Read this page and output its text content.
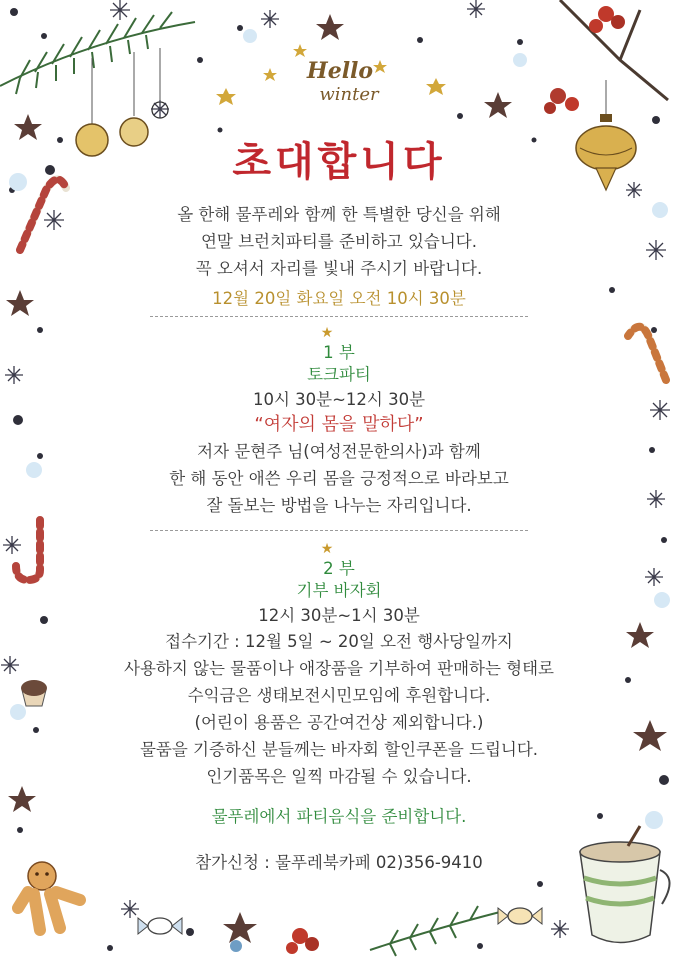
Hello
winter
초대합니다
올 한해 물푸레와 함께 한 특별한 당신을 위해
연말 브런치파티를 준비하고 있습니다.
꼭 오셔서 자리를 빛내 주시기 바랍니다.
12월 20일 화요일 오전 10시 30분
★
1 부
토크파티
10시 30분~12시 30분
“여자의 몸을 말하다”
저자 문현주 님(여성전문한의사)과 함께
한 해 동안 애쓴 우리 몸을 긍정적으로 바라보고
잘 돌보는 방법을 나누는 자리입니다.
★
2 부
기부 바자회
12시 30분~1시 30분
접수기간 : 12월 5일 ~ 20일 오전 행사당일까지
사용하지 않는 물품이나 애장품을 기부하여 판매하는 형태로
수익금은 생태보전시민모임에 후원합니다.
(어린이 용품은 공간여건상 제외합니다.)
물품을 기증하신 분들께는 바자회 할인쿠폰을 드립니다.
인기품목은 일찍 마감될 수 있습니다.
물푸레에서 파티음식을 준비합니다.
참가신청 : 물푸레북카페 02)356-9410
